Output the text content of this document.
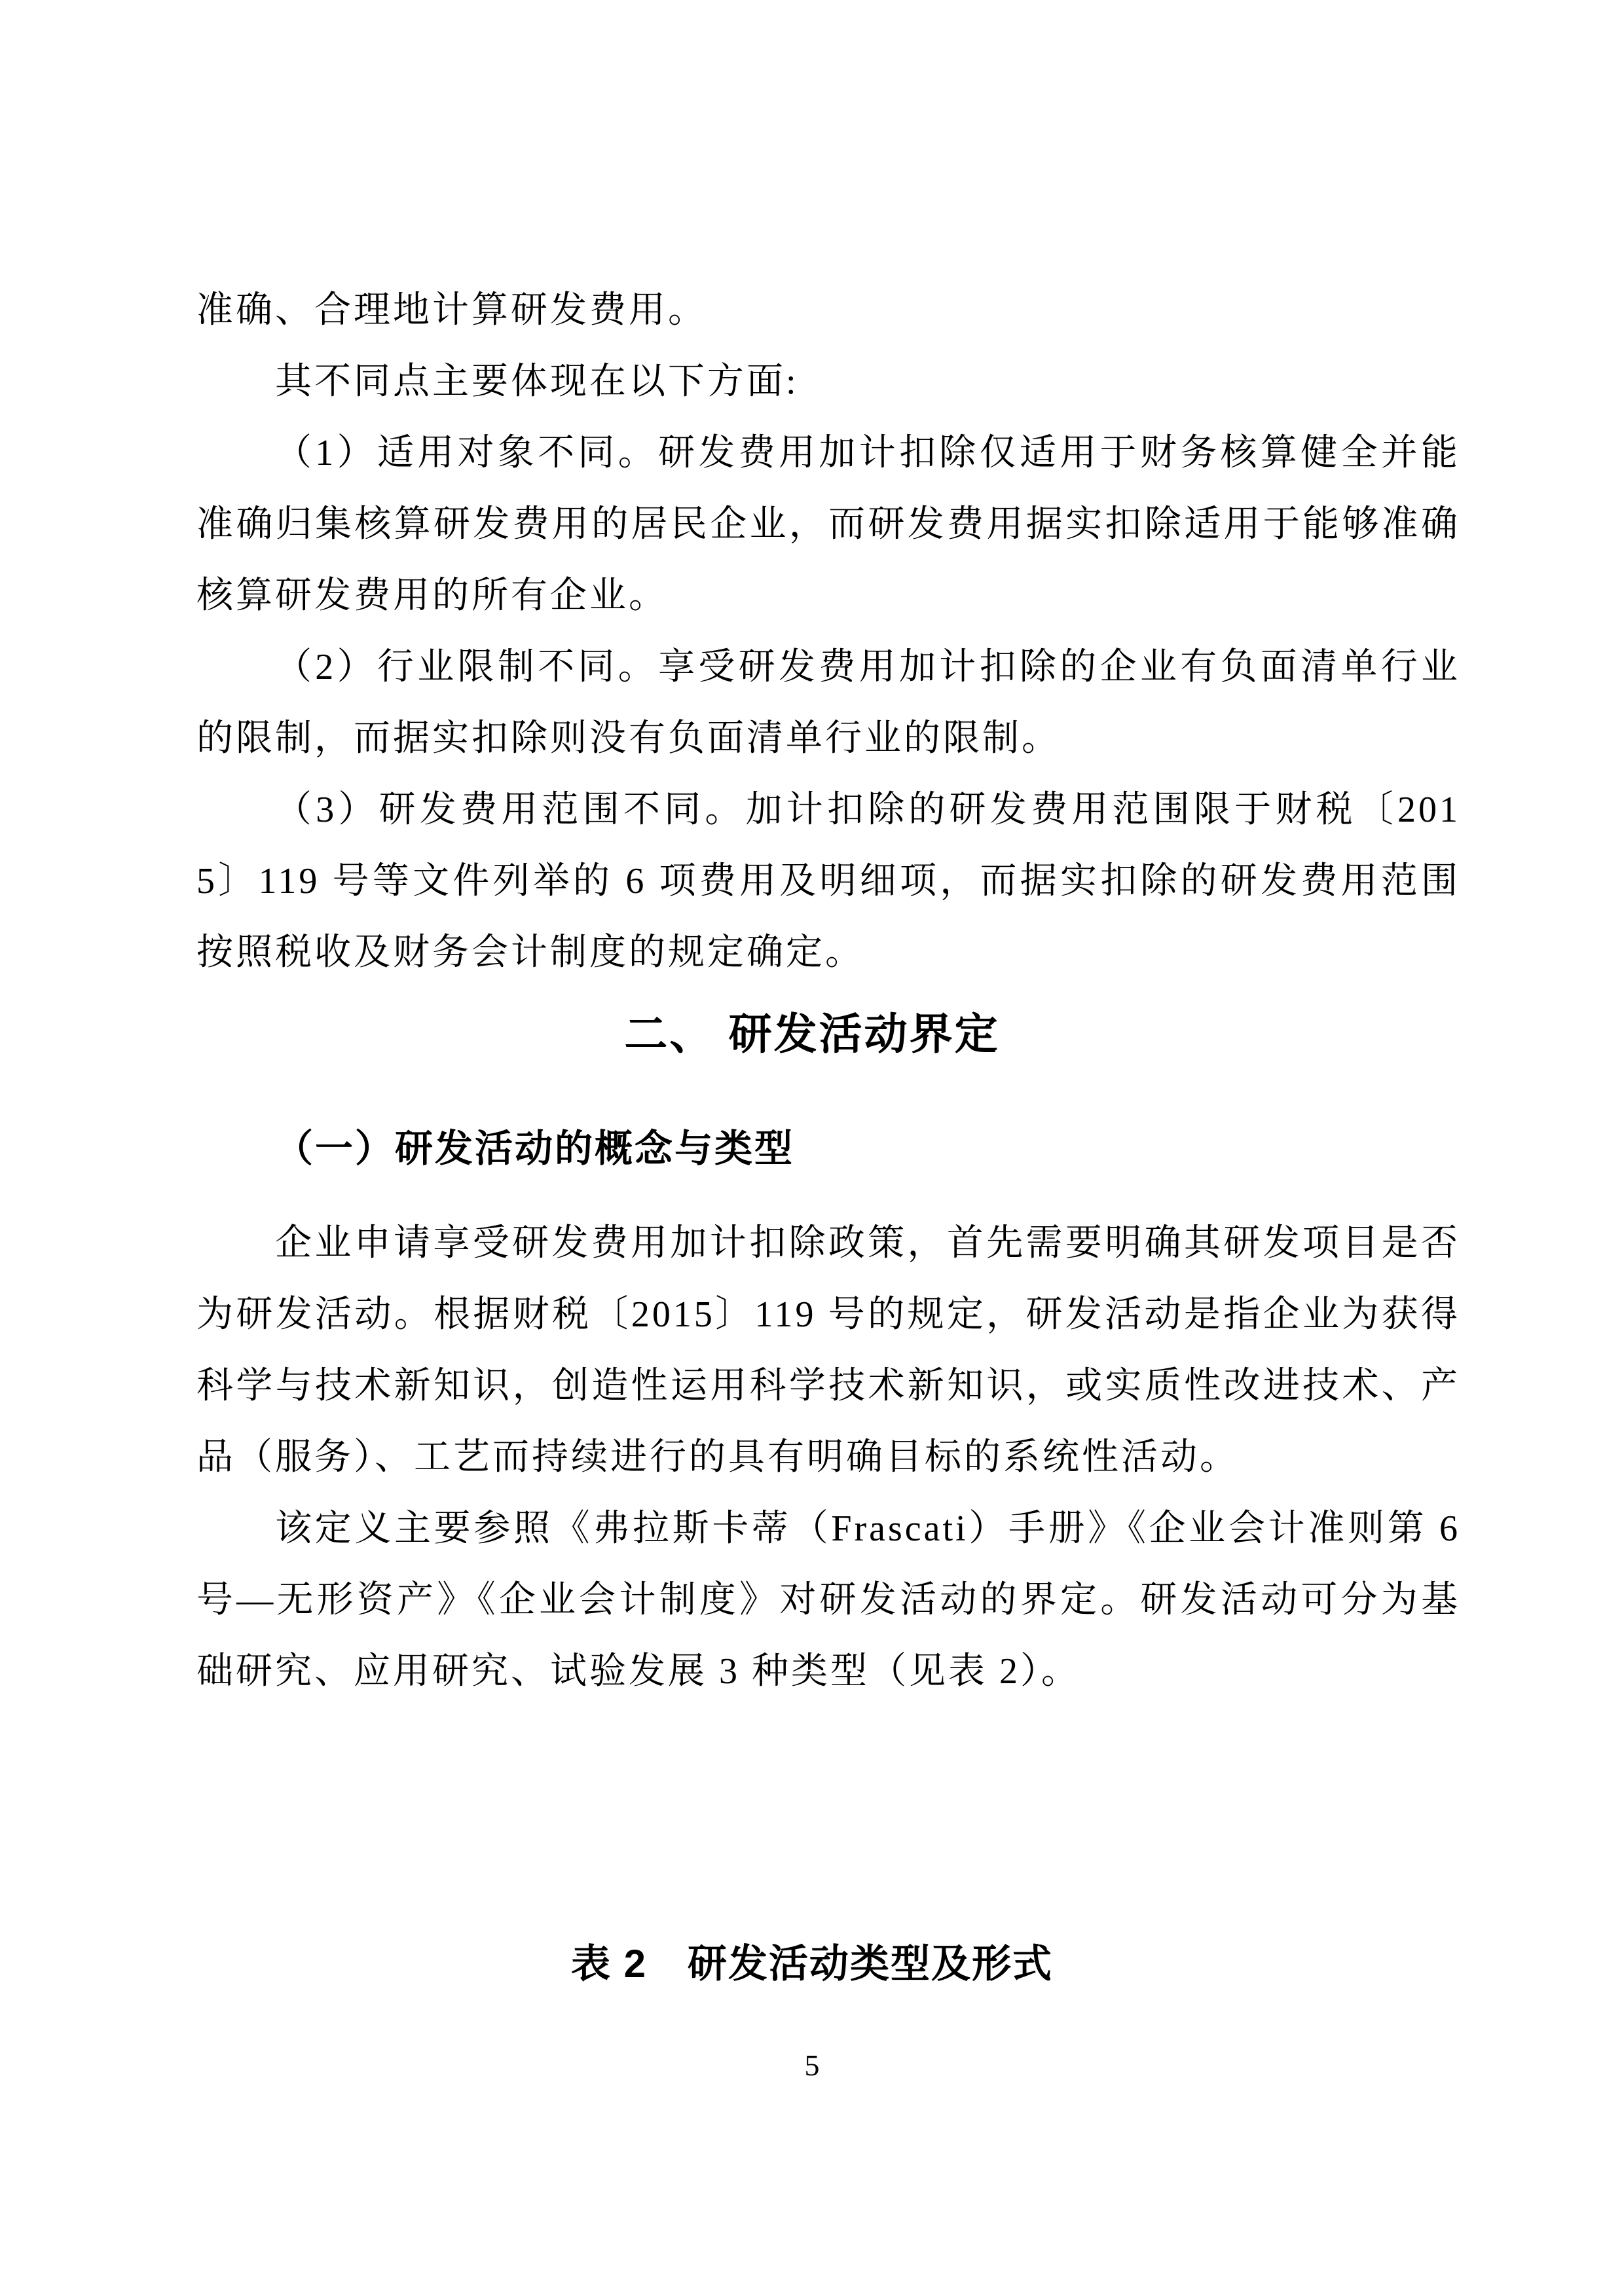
准确、合理地计算研发费用。

其不同点主要体现在以下方面:

（1）适用对象不同。研发费用加计扣除仅适用于财务核算健全并能准确归集核算研发费用的居民企业，而研发费用据实扣除适用于能够准确核算研发费用的所有企业。

（2）行业限制不同。享受研发费用加计扣除的企业有负面清单行业的限制，而据实扣除则没有负面清单行业的限制。

（3）研发费用范围不同。加计扣除的研发费用范围限于财税〔2015〕119 号等文件列举的 6 项费用及明细项，而据实扣除的研发费用范围按照税收及财务会计制度的规定确定。

二、 研发活动界定
（一）研发活动的概念与类型

企业申请享受研发费用加计扣除政策，首先需要明确其研发项目是否为研发活动。根据财税〔2015〕119 号的规定，研发活动是指企业为获得科学与技术新知识，创造性运用科学技术新知识，或实质性改进技术、产品（服务）、工艺而持续进行的具有明确目标的系统性活动。

该定义主要参照《弗拉斯卡蒂（Frascati）手册》《企业会计准则第 6 号—无形资产》《企业会计制度》对研发活动的界定。研发活动可分为基础研究、应用研究、试验发展 3 种类型（见表 2）。

表 2　研发活动类型及形式
5
